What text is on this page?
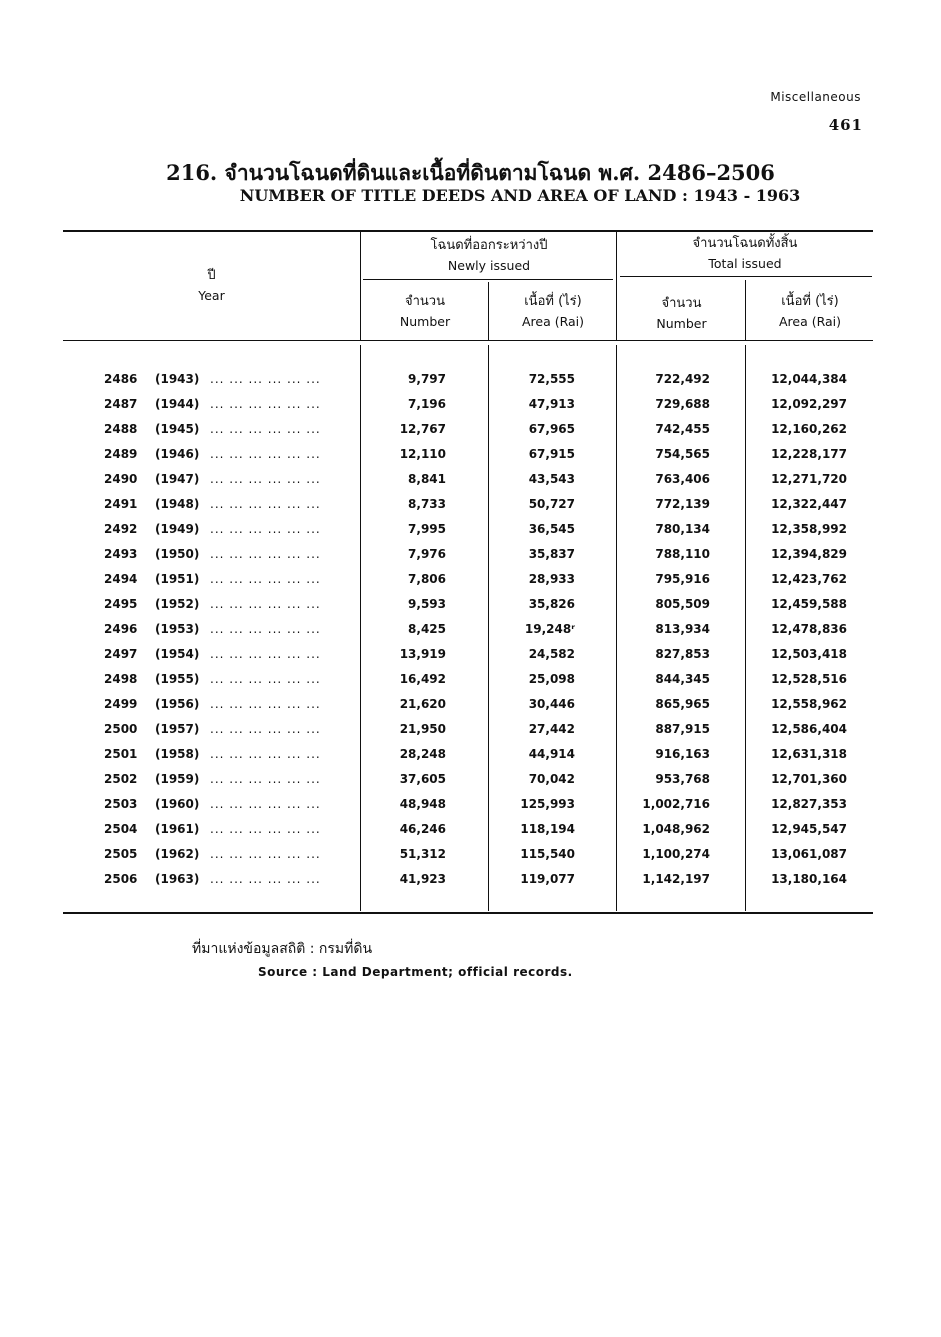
Miscellaneous
461
216. จำนวนโฉนดที่ดินและเนื้อที่ดินตามโฉนด พ.ศ. 2486–2506
NUMBER OF TITLE DEEDS AND AREA OF LAND : 1943 - 1963
ปี
Year
โฉนดที่ออกระหว่างปี
Newly issued
จำนวนโฉนดทั้งสิ้น
Total issued
จำนวน
Number
เนื้อที่ (ไร่)
Area (Rai)
จำนวน
Number
เนื้อที่ (ไร่)
Area (Rai)
2486 (1943) ... ... ... ... ... ...	9,797	72,555	722,492	12,044,384
2487 (1944) ... ... ... ... ... ...	7,196	47,913	729,688	12,092,297
2488 (1945) ... ... ... ... ... ...	12,767	67,965	742,455	12,160,262
2489 (1946) ... ... ... ... ... ...	12,110	67,915	754,565	12,228,177
2490 (1947) ... ... ... ... ... ...	8,841	43,543	763,406	12,271,720
2491 (1948) ... ... ... ... ... ...	8,733	50,727	772,139	12,322,447
2492 (1949) ... ... ... ... ... ...	7,995	36,545	780,134	12,358,992
2493 (1950) ... ... ... ... ... ...	7,976	35,837	788,110	12,394,829
2494 (1951) ... ... ... ... ... ...	7,806	28,933	795,916	12,423,762
2495 (1952) ... ... ... ... ... ...	9,593	35,826	805,509	12,459,588
2496 (1953) ... ... ... ... ... ...	8,425	19,248ʳ	813,934	12,478,836
2497 (1954) ... ... ... ... ... ...	13,919	24,582	827,853	12,503,418
2498 (1955) ... ... ... ... ... ...	16,492	25,098	844,345	12,528,516
2499 (1956) ... ... ... ... ... ...	21,620	30,446	865,965	12,558,962
2500 (1957) ... ... ... ... ... ...	21,950	27,442	887,915	12,586,404
2501 (1958) ... ... ... ... ... ...	28,248	44,914	916,163	12,631,318
2502 (1959) ... ... ... ... ... ...	37,605	70,042	953,768	12,701,360
2503 (1960) ... ... ... ... ... ...	48,948	125,993	1,002,716	12,827,353
2504 (1961) ... ... ... ... ... ...	46,246	118,194	1,048,962	12,945,547
2505 (1962) ... ... ... ... ... ...	51,312	115,540	1,100,274	13,061,087
2506 (1963) ... ... ... ... ... ...	41,923	119,077	1,142,197	13,180,164
ที่มาแห่งข้อมูลสถิติ : กรมที่ดิน
Source : Land Department; official records.
